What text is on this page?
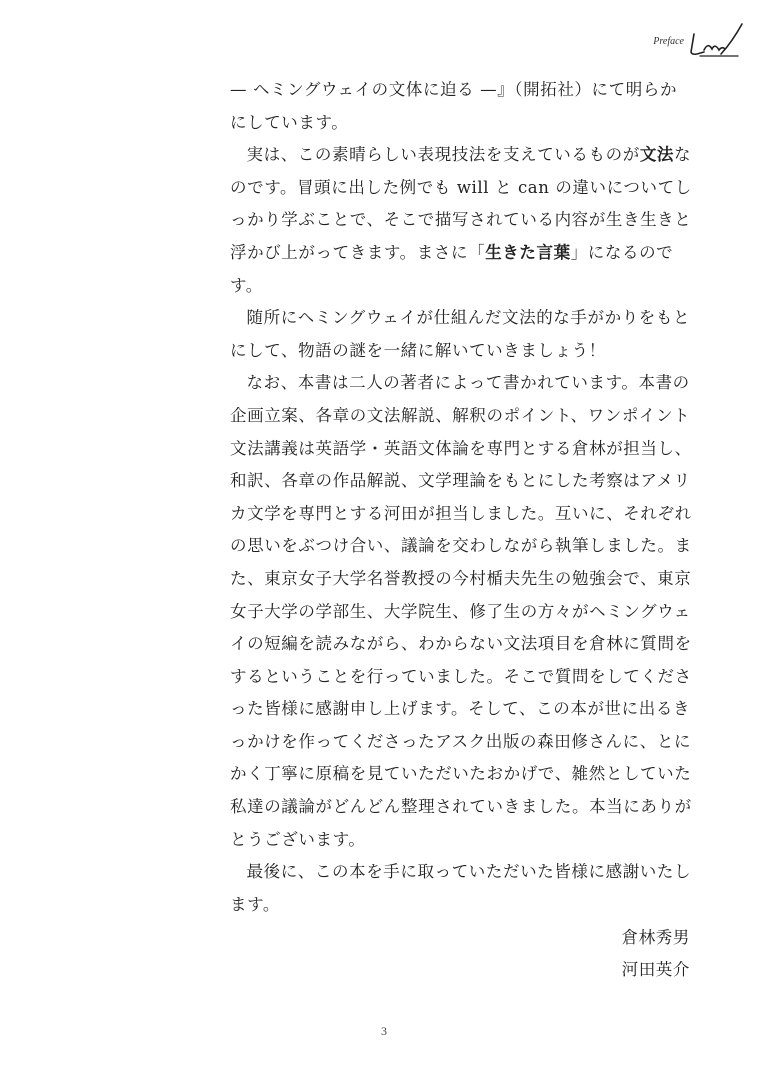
Preface

— ヘミングウェイの文体に迫る —』（開拓社）にて明らかにしています。

実は、この素晴らしい表現技法を支えているものが文法なのです。冒頭に出した例でも will と can の違いについてしっかり学ぶことで、そこで描写されている内容が生き生きと浮かび上がってきます。まさに「生きた言葉」になるのです。

随所にヘミングウェイが仕組んだ文法的な手がかりをもとにして、物語の謎を一緒に解いていきましょう！

なお、本書は二人の著者によって書かれています。本書の企画立案、各章の文法解説、解釈のポイント、ワンポイント文法講義は英語学・英語文体論を専門とする倉林が担当し、和訳、各章の作品解説、文学理論をもとにした考察はアメリカ文学を専門とする河田が担当しました。互いに、それぞれの思いをぶつけ合い、議論を交わしながら執筆しました。また、東京女子大学名誉教授の今村楯夫先生の勉強会で、東京女子大学の学部生、大学院生、修了生の方々がヘミングウェイの短編を読みながら、わからない文法項目を倉林に質問をするということを行っていました。そこで質問をしてくださった皆様に感謝申し上げます。そして、この本が世に出るきっかけを作ってくださったアスク出版の森田修さんに、とにかく丁寧に原稿を見ていただいたおかげで、雑然としていた私達の議論がどんどん整理されていきました。本当にありがとうございます。

最後に、この本を手に取っていただいた皆様に感謝いたします。

倉林秀男
河田英介
3
